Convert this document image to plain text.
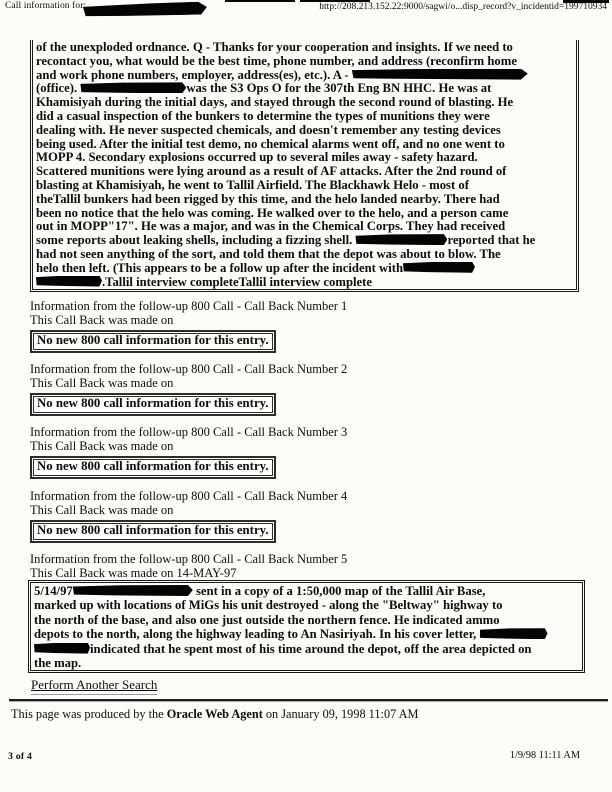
Call information for:	http://208.213.152.22:9000/sagwi/o...disp_record?v_incidentid=199710934
of the unexploded ordnance. Q - Thanks for your cooperation and insights. If we need to
recontact you, what would be the best time, phone number, and address (reconfirm home
and work phone numbers, employer, address(es), etc.). A -
(office).	was the S3 Ops O for the 307th Eng BN HHC. He was at
Khamisiyah during the initial days, and stayed through the second round of blasting. He
did a casual inspection of the bunkers to determine the types of munitions they were
dealing with. He never suspected chemicals, and doesn't remember any testing devices
being used. After the initial test demo, no chemical alarms went off, and no one went to
MOPP 4. Secondary explosions occurred up to several miles away - safety hazard.
Scattered munitions were lying around as a result of AF attacks. After the 2nd round of
blasting at Khamisiyah, he went to Tallil Airfield. The Blackhawk Helo - most of
theTallil bunkers had been rigged by this time, and the helo landed nearby. There had
been no notice that the helo was coming. He walked over to the helo, and a person came
out in MOPP"17". He was a major, and was in the Chemical Corps. They had received
some reports about leaking shells, including a fizzing shell.	reported that he
had not seen anything of the sort, and told them that the depot was about to blow. The
helo then left. (This appears to be a follow up after the incident with
.Tallil interview completeTallil interview complete
Information from the follow-up 800 Call - Call Back Number 1
This Call Back was made on
No new 800 call information for this entry.
Information from the follow-up 800 Call - Call Back Number 2
This Call Back was made on
No new 800 call information for this entry.
Information from the follow-up 800 Call - Call Back Number 3
This Call Back was made on
No new 800 call information for this entry.
Information from the follow-up 800 Call - Call Back Number 4
This Call Back was made on
No new 800 call information for this entry.
Information from the follow-up 800 Call - Call Back Number 5
This Call Back was made on 14-MAY-97
5/14/97	sent in a copy of a 1:50,000 map of the Tallil Air Base,
marked up with locations of MiGs his unit destroyed - along the "Beltway" highway to
the north of the base, and also one just outside the northern fence. He indicated ammo
depots to the north, along the highway leading to An Nasiriyah. In his cover letter,
indicated that he spent most of his time around the depot, off the area depicted on
the map.
Perform Another Search
This page was produced by the Oracle Web Agent on January 09, 1998 11:07 AM
3 of 4	1/9/98 11:11 AM
